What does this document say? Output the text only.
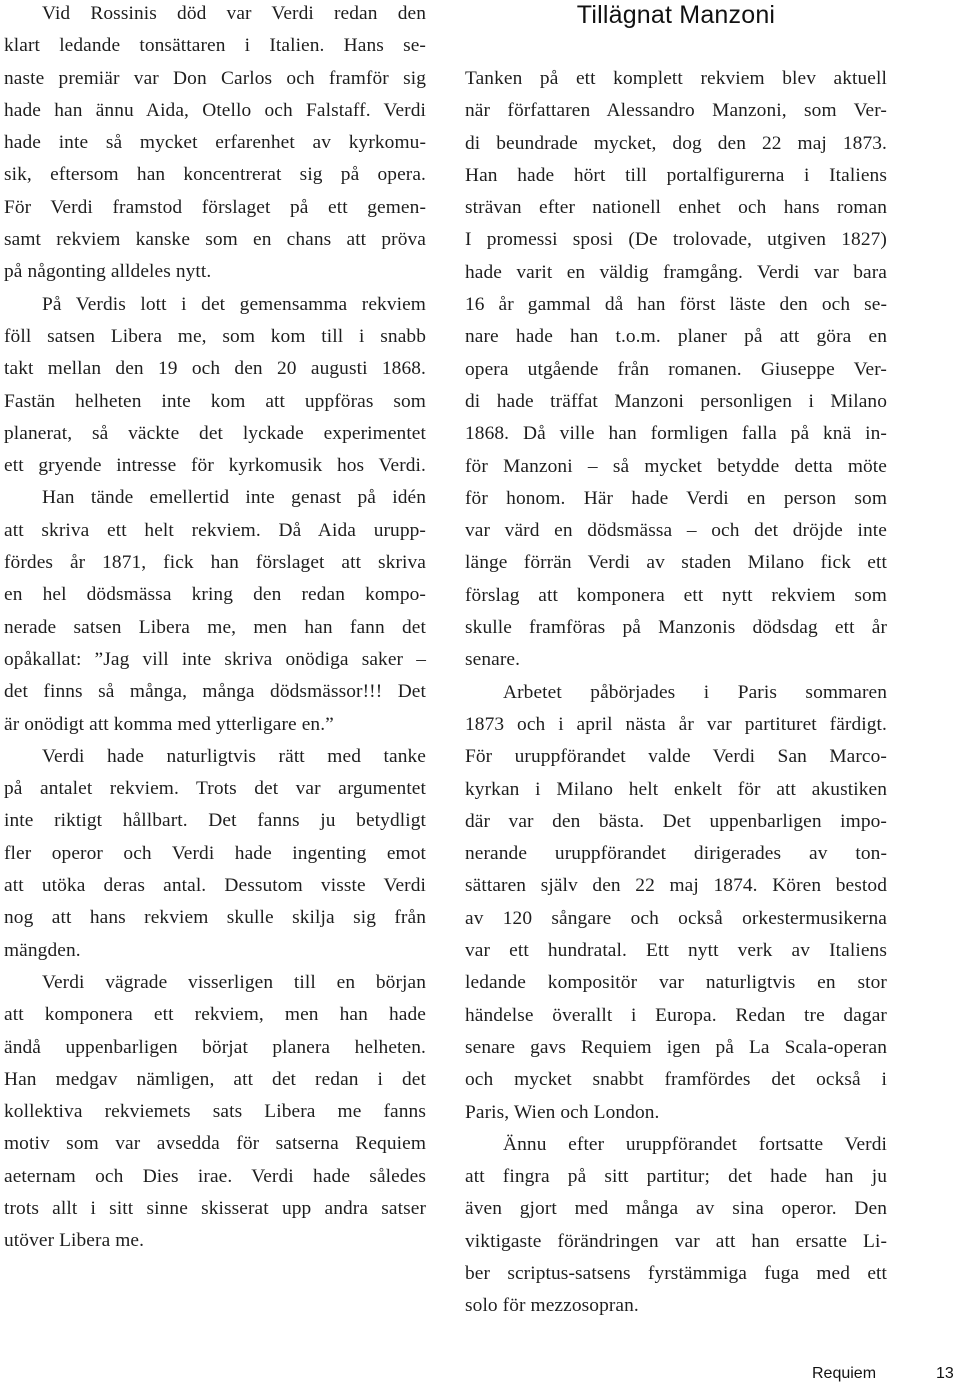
Vid Rossinis död var Verdi redan den
klart ledande tonsättaren i Italien. Hans se-
naste premiär var Don Carlos och framför sig
hade han ännu Aida, Otello och Falstaff. Verdi
hade inte så mycket erfarenhet av kyrkomu-
sik, eftersom han koncentrerat sig på opera.
För Verdi framstod förslaget på ett gemen-
samt rekviem kanske som en chans att pröva
på någonting alldeles nytt.
På Verdis lott i det gemensamma rekviem
föll satsen Libera me, som kom till i snabb
takt mellan den 19 och den 20 augusti 1868.
Fastän helheten inte kom att uppföras som
planerat, så väckte det lyckade experimentet
ett gryende intresse för kyrkomusik hos Verdi.
Han tände emellertid inte genast på idén
att skriva ett helt rekviem. Då Aida urupp-
fördes år 1871, fick han förslaget att skriva
en hel dödsmässa kring den redan kompo-
nerade satsen Libera me, men han fann det
opåkallat: ”Jag vill inte skriva onödiga saker –
det finns så många, många dödsmässor!!! Det
är onödigt att komma med ytterligare en.”
Verdi hade naturligtvis rätt med tanke
på antalet rekviem. Trots det var argumentet
inte riktigt hållbart. Det fanns ju betydligt
fler operor och Verdi hade ingenting emot
att utöka deras antal. Dessutom visste Verdi
nog att hans rekviem skulle skilja sig från
mängden.
Verdi vägrade visserligen till en början
att komponera ett rekviem, men han hade
ändå uppenbarligen börjat planera helheten.
Han medgav nämligen, att det redan i det
kollektiva rekviemets sats Libera me fanns
motiv som var avsedda för satserna Requiem
aeternam och Dies irae. Verdi hade således
trots allt i sitt sinne skisserat upp andra satser
utöver Libera me.
Tillägnat Manzoni
Tanken på ett komplett rekviem blev aktuell
när författaren Alessandro Manzoni, som Ver-
di beundrade mycket, dog den 22 maj 1873.
Han hade hört till portalfigurerna i Italiens
strävan efter nationell enhet och hans roman
I promessi sposi (De trolovade, utgiven 1827)
hade varit en väldig framgång. Verdi var bara
16 år gammal då han först läste den och se-
nare hade han t.o.m. planer på att göra en
opera utgående från romanen. Giuseppe Ver-
di hade träffat Manzoni personligen i Milano
1868. Då ville han formligen falla på knä in-
för Manzoni – så mycket betydde detta möte
för honom. Här hade Verdi en person som
var värd en dödsmässa – och det dröjde inte
länge förrän Verdi av staden Milano fick ett
förslag att komponera ett nytt rekviem som
skulle framföras på Manzonis dödsdag ett år
senare.
Arbetet påbörjades i Paris sommaren
1873 och i april nästa år var partituret färdigt.
För uruppförandet valde Verdi San Marco-
kyrkan i Milano helt enkelt för att akustiken
där var den bästa. Det uppenbarligen impo-
nerande uruppförandet dirigerades av ton-
sättaren själv den 22 maj 1874. Kören bestod
av 120 sångare och också orkestermusikerna
var ett hundratal. Ett nytt verk av Italiens
ledande kompositör var naturligtvis en stor
händelse överallt i Europa. Redan tre dagar
senare gavs Requiem igen på La Scala-operan
och mycket snabbt framfördes det också i
Paris, Wien och London.
Ännu efter uruppförandet fortsatte Verdi
att fingra på sitt partitur; det hade han ju
även gjort med många av sina operor. Den
viktigaste förändringen var att han ersatte Li-
ber scriptus-satsens fyrstämmiga fuga med ett
solo för mezzosopran.
Requiem	13
